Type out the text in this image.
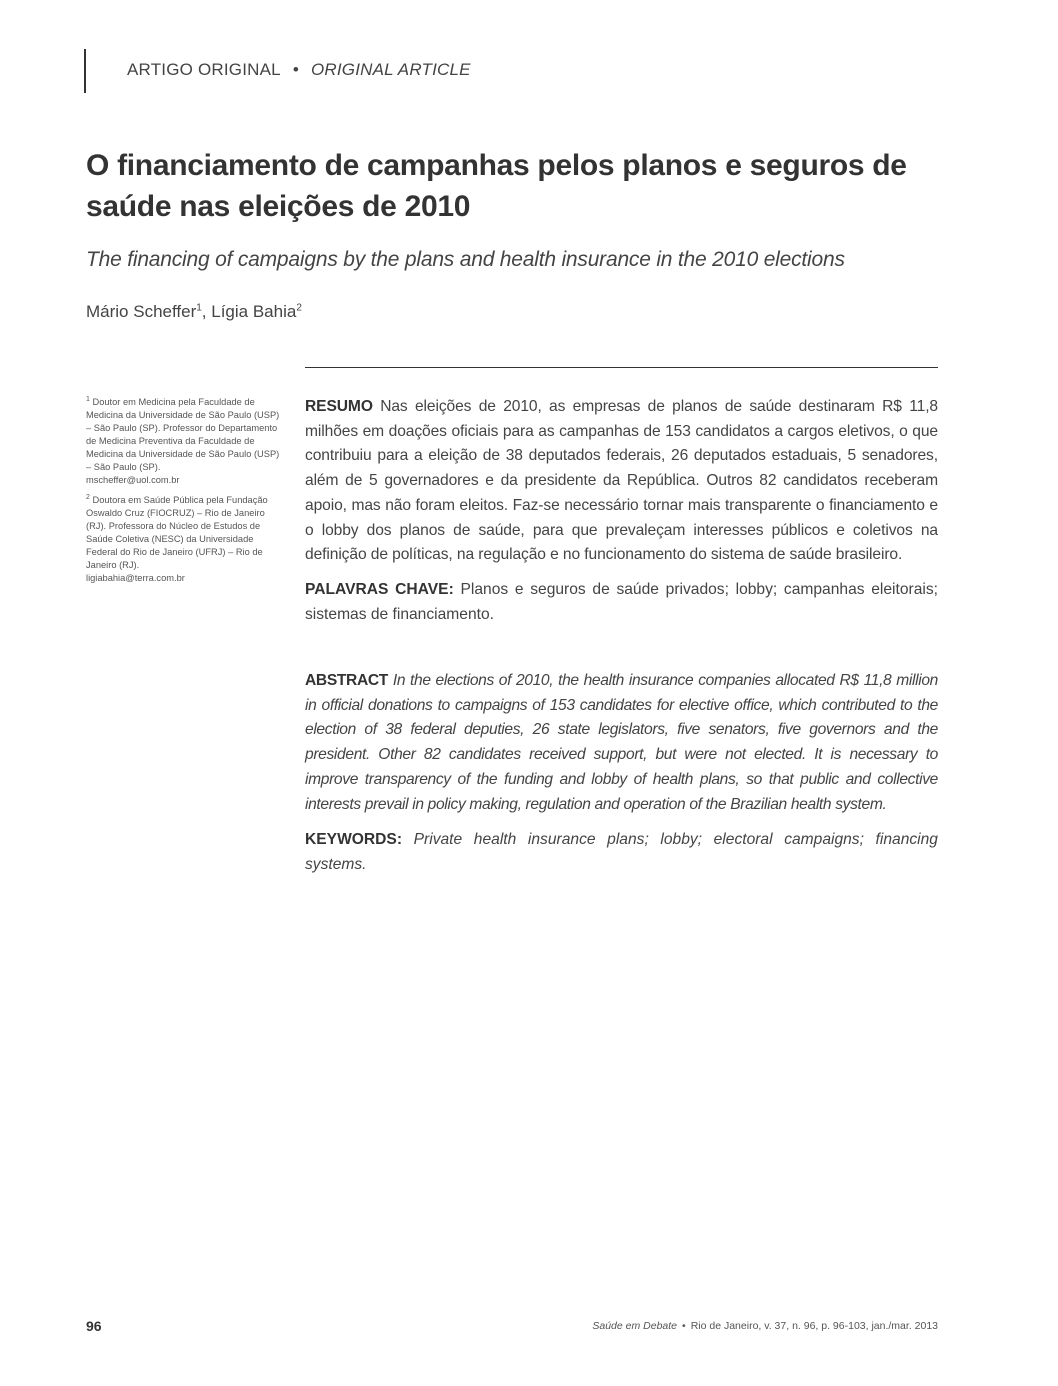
ARTIGO ORIGINAL • ORIGINAL ARTICLE
O financiamento de campanhas pelos planos e seguros de saúde nas eleições de 2010
The financing of campaigns by the plans and health insurance in the 2010 elections
Mário Scheffer$^1$, Lígia Bahia$^2$
$^1$ Doutor em Medicina pela Faculdade de Medicina da Universidade de São Paulo (USP) – São Paulo (SP). Professor do Departamento de Medicina Preventiva da Faculdade de Medicina da Universidade de São Paulo (USP) – São Paulo (SP).
mscheffer@uol.com.br
$^2$ Doutora em Saúde Pública pela Fundação Oswaldo Cruz (FIOCRUZ) – Rio de Janeiro (RJ). Professora do Núcleo de Estudos de Saúde Coletiva (NESC) da Universidade Federal do Rio de Janeiro (UFRJ) – Rio de Janeiro (RJ).
ligiabahia@terra.com.br

RESUMO Nas eleições de 2010, as empresas de planos de saúde destinaram R$ 11,8 milhões em doações oficiais para as campanhas de 153 candidatos a cargos eletivos, o que contribuiu para a eleição de 38 deputados federais, 26 deputados estaduais, 5 senadores, além de 5 governadores e da presidente da República. Outros 82 candidatos receberam apoio, mas não foram eleitos. Faz-se necessário tornar mais transparente o financiamento e o lobby dos planos de saúde, para que prevaleçam interesses públicos e coletivos na definição de políticas, na regulação e no funcionamento do sistema de saúde brasileiro.

PALAVRAS CHAVE: Planos e seguros de saúde privados; lobby; campanhas eleitorais; sistemas de financiamento.

ABSTRACT In the elections of 2010, the health insurance companies allocated R$ 11,8 million in official donations to campaigns of 153 candidates for elective office, which contributed to the election of 38 federal deputies, 26 state legislators, five senators, five governors and the president. Other 82 candidates received support, but were not elected. It is necessary to improve transparency of the funding and lobby of health plans, so that public and collective interests prevail in policy making, regulation and operation of the Brazilian health system.

KEYWORDS: Private health insurance plans; lobby; electoral campaigns; financing systems.

96	Saúde em Debate • Rio de Janeiro, v. 37, n. 96, p. 96-103, jan./mar. 2013
